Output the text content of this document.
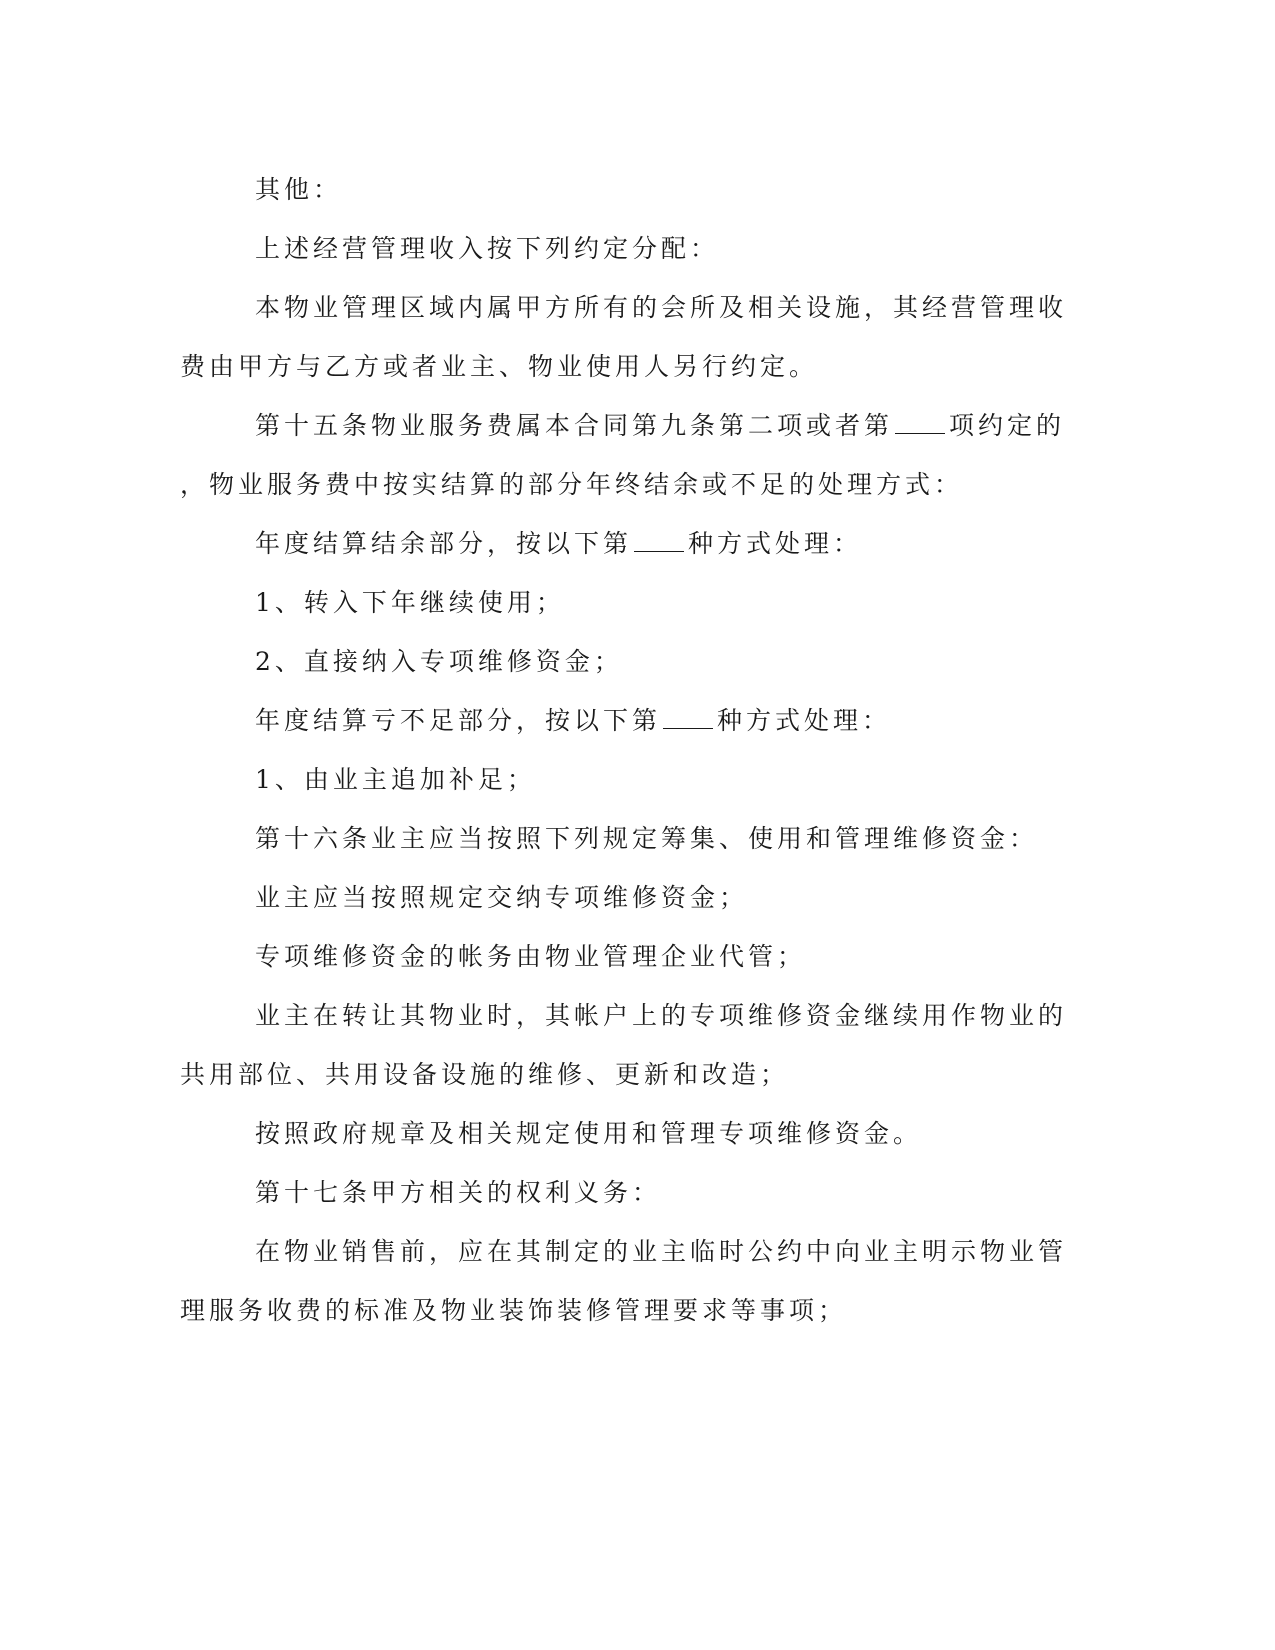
其他：
上述经营管理收入按下列约定分配：
本物业管理区域内属甲方所有的会所及相关设施，其经营管理收
费由甲方与乙方或者业主、物业使用人另行约定。
第十五条物业服务费属本合同第九条第二项或者第 项约定的
，物业服务费中按实结算的部分年终结余或不足的处理方式：
年度结算结余部分，按以下第 种方式处理：
1、转入下年继续使用；
2、直接纳入专项维修资金；
年度结算亏不足部分，按以下第 种方式处理：
1、由业主追加补足；
第十六条业主应当按照下列规定筹集、使用和管理维修资金：
业主应当按照规定交纳专项维修资金；
专项维修资金的帐务由物业管理企业代管；
业主在转让其物业时，其帐户上的专项维修资金继续用作物业的
共用部位、共用设备设施的维修、更新和改造；
按照政府规章及相关规定使用和管理专项维修资金。
第十七条甲方相关的权利义务：
在物业销售前，应在其制定的业主临时公约中向业主明示物业管
理服务收费的标准及物业装饰装修管理要求等事项；
